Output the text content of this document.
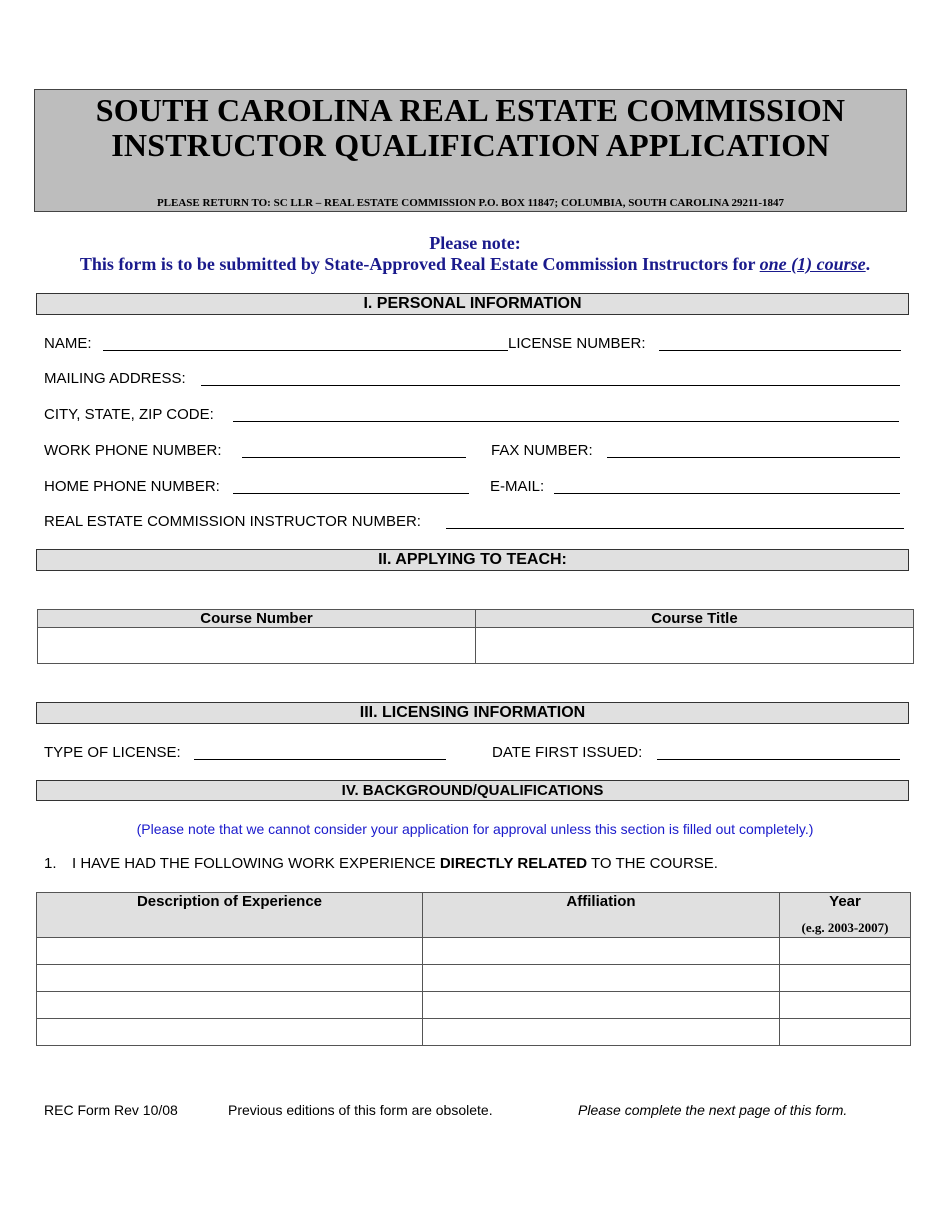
SOUTH CAROLINA REAL ESTATE COMMISSION
INSTRUCTOR QUALIFICATION APPLICATION
PLEASE RETURN TO: SC LLR – REAL ESTATE COMMISSION P.O. BOX 11847; COLUMBIA, SOUTH CAROLINA 29211-1847
Please note:
This form is to be submitted by State-Approved Real Estate Commission Instructors for one (1) course.
I. PERSONAL INFORMATION
NAME:	LICENSE NUMBER:
MAILING ADDRESS:
CITY, STATE, ZIP CODE:
WORK PHONE NUMBER:	FAX NUMBER:
HOME PHONE NUMBER:	E-MAIL:
REAL ESTATE COMMISSION INSTRUCTOR NUMBER:
II. APPLYING TO TEACH:
Course Number	Course Title

III. LICENSING INFORMATION
TYPE OF LICENSE:	DATE FIRST ISSUED:
IV. BACKGROUND/QUALIFICATIONS
(Please note that we cannot consider your application for approval unless this section is filled out completely.)
1. I HAVE HAD THE FOLLOWING WORK EXPERIENCE DIRECTLY RELATED TO THE COURSE.
Description of Experience	Affiliation	Year
(e.g. 2003-2007)

REC Form Rev 10/08	Previous editions of this form are obsolete.	Please complete the next page of this form.
